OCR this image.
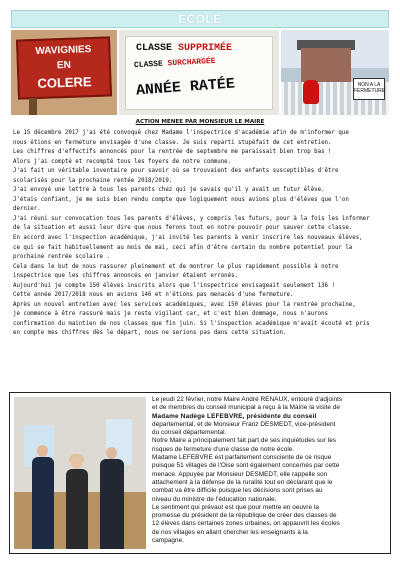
ÉCOLE
WAVIGNIES
EN
COLERE
CLASSE SUPPRIMÉE
CLASSE SURCHARGÉE
ANNÉE RATÉE	NON A LA
FERMETURE
ACTION MENEE PAR MONSIEUR LE MAIRE

Le 15 décembre 2017 j'ai été convoqué chez Madame l'inspectrice d'académie afin de m'informer que

nous étions en fermeture envisagée d'une classe. Je suis reparti stupéfait de cet entretien.

Les chiffres d'effectifs annoncés pour la rentrée de septembre me paraissait bien trop bas !

Alors j'ai compté et recompté tous les foyers de notre commune.

J'ai fait un véritable inventaire pour savoir où se trouvaient des enfants susceptibles d'être

scolarisés pour la prochaine rentée 2018/2019.

J'ai envoyé une lettre à tous les parents chez qui je savais qu'il y avait un futur élève.

J'étais confiant, je me suis bien rendu compte que logiquement nous avions plus d'élèves que l'on

dernier.

J'ai réuni sur convocation tous les parents d'élèves, y compris les futurs, pour à la fois les informer

de la situation et aussi leur dire que nous ferons tout en notre pouvoir pour sauver cette classe.

En accord avec l'inspection académique, j'ai invité les parents à venir inscrire les nouveaux élèves,

ce qui se fait habituellement au mois de mai, ceci afin d'être certain du nombre potentiel pour la

prochaine rentrée scolaire .

Cela dans le but de nous rassurer pleinement et de montrer le plus rapidement possible à notre

inspectrice que les chiffres annoncés en janvier étaient erronés.

Aujourd'hui je compte 150 élèves inscrits alors que l'inspectrice envisageait seulement 136 !

Cette année 2017/2018 nous en avions 146 et n'étions pas menacés d'une fermeture.

Après un nouvel entretien avec les services académiques, avec 150 élèves pour la rentrée prochaine,

je commence à être rassuré mais je reste vigilant car, et c'est bien dommage, nous n'aurons

confirmation du maintien de nos classes que fin juin. Si l'inspection académique m'avait écouté et pris

en compte mes chiffres dès le départ, nous ne serions pas dans cette situation.

Le jeudi 22 février, notre Maire André RENAUX, entouré d'adjoints

et de membres du conseil municipal a reçu à la Mairie la visite de

Madame Nadège LEFEBVRE, présidente du conseil

départemental, et de Monsieur Franz DESMEDT, vice-président

du conseil départemental.

Notre Maire a principalement fait part de ses inquiétudes sur les

risques de fermeture d'une classe de notre école.

Madame LEFEBVRE est parfaitement consciente de ce risque

puisque 51 villages de l'Oise sont également concernés par cette

menace. Appuyée par Monsieur DESMEDT, elle rappelle son

attachement à la défense de la ruralité tout en déclarant que le

combat va être difficile puisque les décisions sont prises au

niveau du ministre de l'éducation nationale.

Le sentiment qui prévaut est que pour mettre en oeuvre la

promesse du président de la république de créer des classes de

12 élèves dans certaines zones urbaines, on appauvrit les écoles

de nos villages en allant chercher les enseignants à la

campagne.
